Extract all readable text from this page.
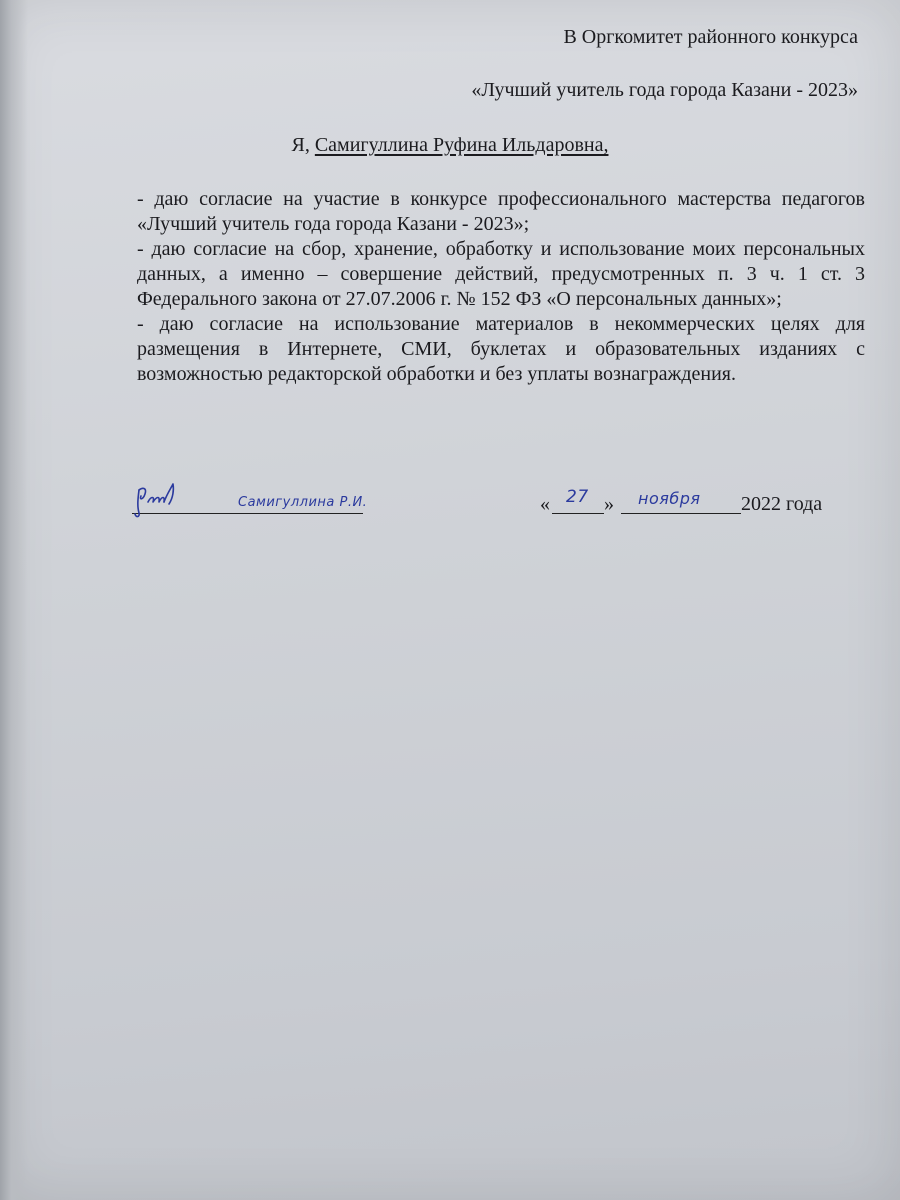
В Оргкомитет районного конкурса
«Лучший учитель года города Казани - 2023»
Я, Самигуллина Руфина Ильдаровна,

- даю согласие на участие в конкурсе профессионального мастерства педагогов «Лучший учитель года города Казани - 2023»;

- даю согласие на сбор, хранение, обработку и использование моих персональных данных, а именно – совершение действий, предусмотренных п. 3 ч. 1 ст. 3 Федерального закона от 27.07.2006 г. № 152 ФЗ «О персональных данных»;

- даю согласие на использование материалов в некоммерческих целях для размещения в Интернете, СМИ, буклетах и образовательных изданиях с возможностью редакторской обработки и без уплаты вознаграждения.

Самигуллина Р.И.	« 27 » ноября 2022 года
